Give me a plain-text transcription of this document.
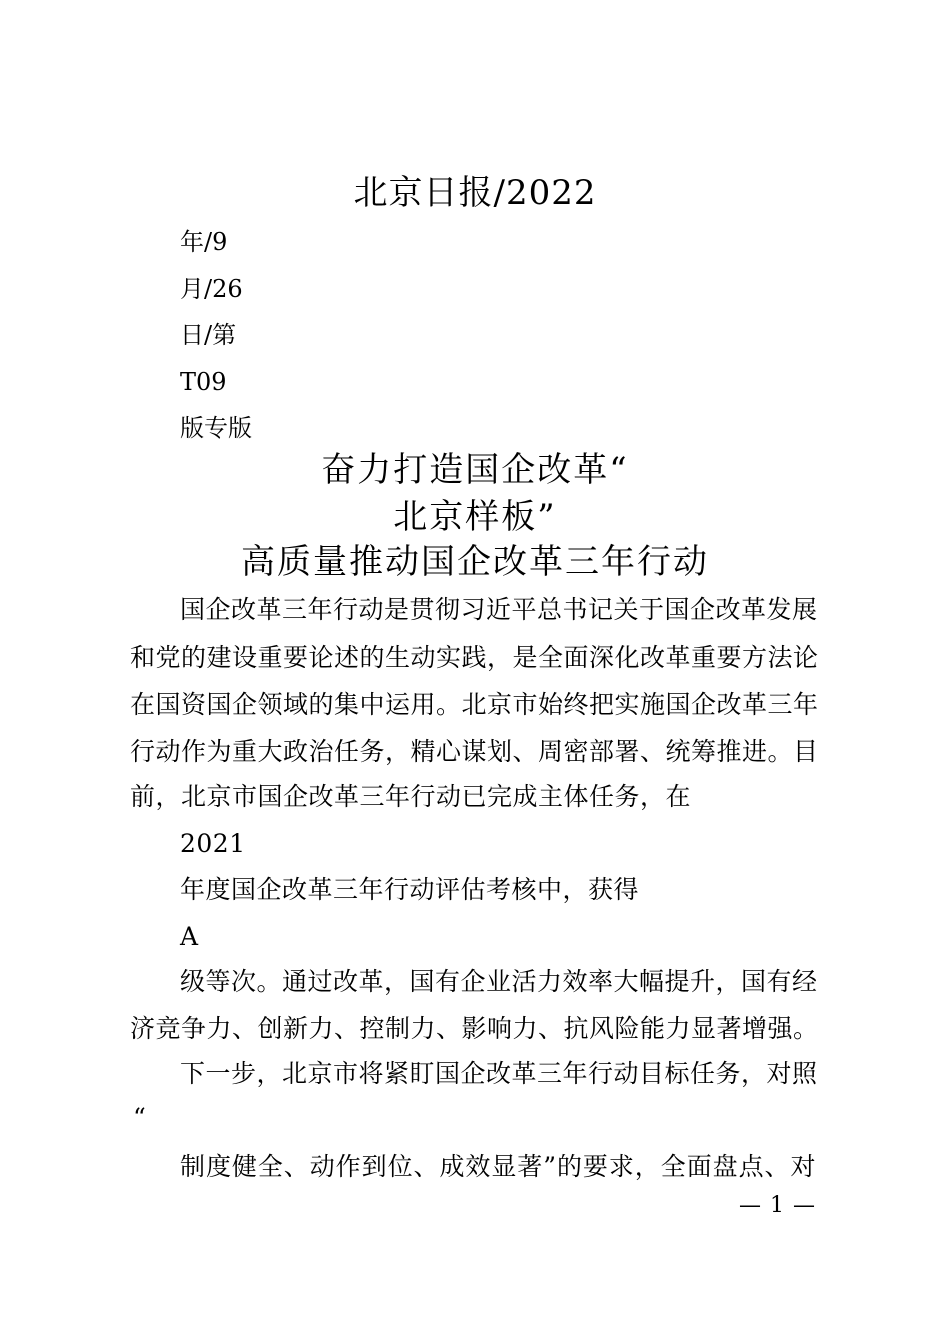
北京日报/2022
年/9
月/26
日/第
T09
版专版
奋力打造国企改革“
北京样板”
高质量推动国企改革三年行动
国企改革三年行动是贯彻习近平总书记关于国企改革发展
和党的建设重要论述的生动实践，是全面深化改革重要方法论
在国资国企领域的集中运用。北京市始终把实施国企改革三年
行动作为重大政治任务，精心谋划、周密部署、统筹推进。目
前，北京市国企改革三年行动已完成主体任务，在
2021
年度国企改革三年行动评估考核中，获得
A
级等次。通过改革，国有企业活力效率大幅提升，国有经
济竞争力、创新力、控制力、影响力、抗风险能力显著增强。
下一步，北京市将紧盯国企改革三年行动目标任务，对照
“
制度健全、动作到位、成效显著”的要求，全面盘点、对
— 1 —
